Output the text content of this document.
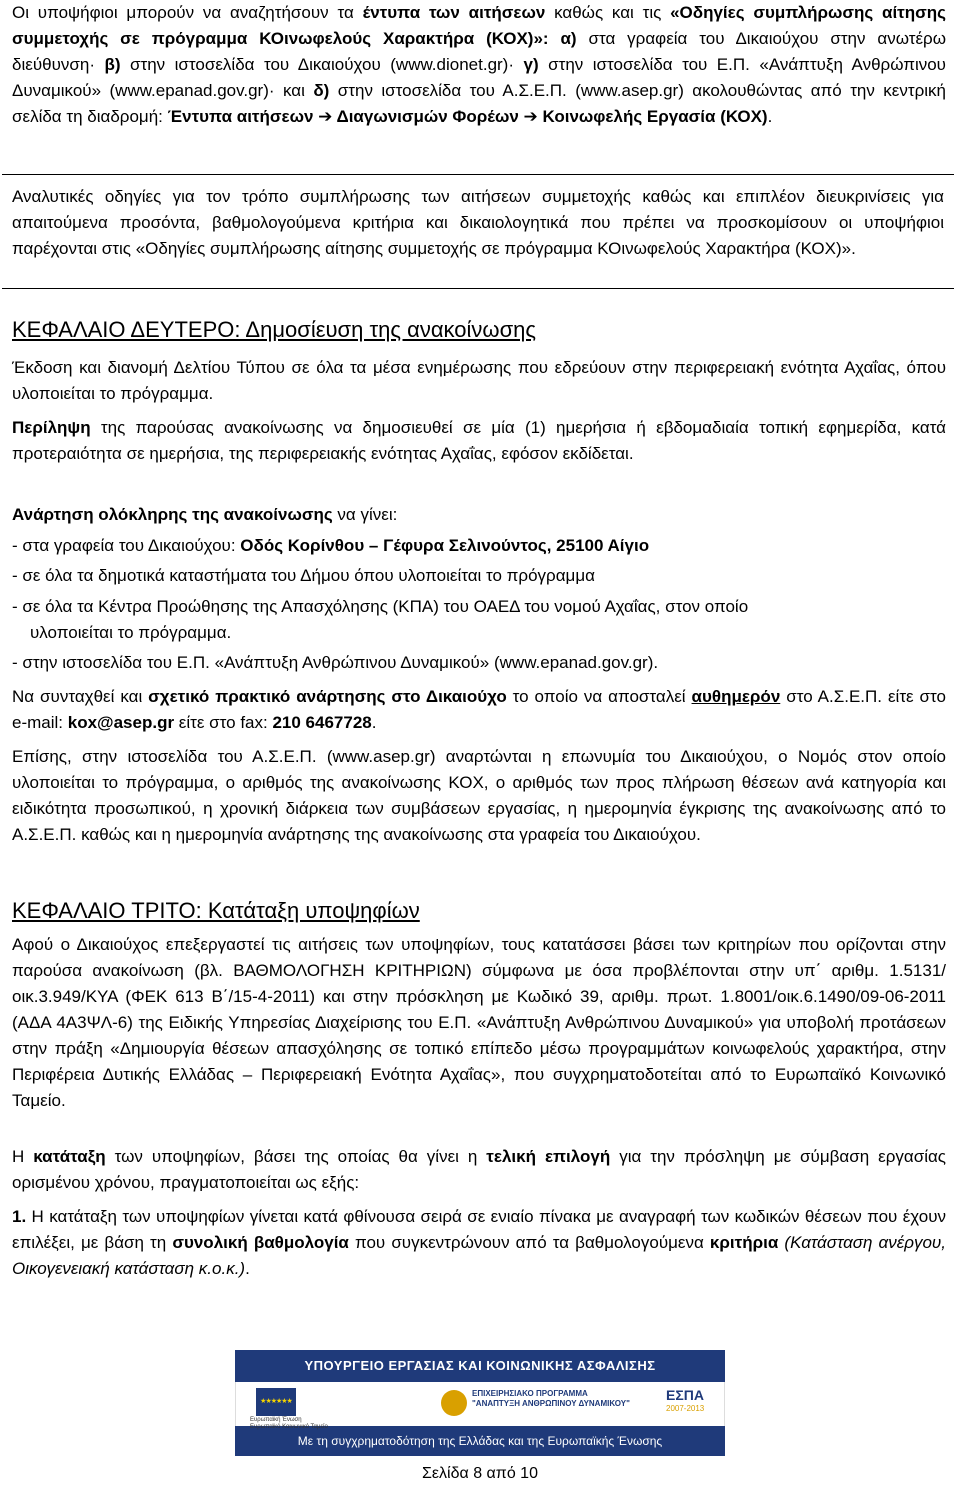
Οι υποψήφιοι μπορούν να αναζητήσουν τα έντυπα των αιτήσεων καθώς και τις «Οδηγίες συμπλήρωσης αίτησης συμμετοχής σε πρόγραμμα ΚΟινωφελούς Χαρακτήρα (ΚΟΧ)»: α) στα γραφεία του Δικαιούχου στην ανωτέρω διεύθυνση· β) στην ιστοσελίδα του Δικαιούχου (www.dionet.gr)· γ) στην ιστοσελίδα του Ε.Π. «Ανάπτυξη Ανθρώπινου Δυναμικού» (www.epanad.gov.gr)· και δ) στην ιστοσελίδα του Α.Σ.Ε.Π. (www.asep.gr) ακολουθώντας από την κεντρική σελίδα τη διαδρομή: Έντυπα αιτήσεων ➔ Διαγωνισμών Φορέων ➔ Κοινωφελής Εργασία (ΚΟΧ).

Αναλυτικές οδηγίες για τον τρόπο συμπλήρωσης των αιτήσεων συμμετοχής καθώς και επιπλέον διευκρινίσεις για απαιτούμενα προσόντα, βαθμολογούμενα κριτήρια και δικαιολογητικά που πρέπει να προσκομίσουν οι υποψήφιοι παρέχονται στις «Οδηγίες συμπλήρωσης αίτησης συμμετοχής σε πρόγραμμα ΚΟινωφελούς Χαρακτήρα (ΚΟΧ)».
ΚΕΦΑΛΑΙΟ ΔΕΥΤΕΡΟ: Δημοσίευση της ανακοίνωσης

Έκδοση και διανομή Δελτίου Τύπου σε όλα τα μέσα ενημέρωσης που εδρεύουν στην περιφερειακή ενότητα Αχαΐας, όπου υλοποιείται το πρόγραμμα.

Περίληψη της παρούσας ανακοίνωσης να δημοσιευθεί σε μία (1) ημερήσια ή εβδομαδιαία τοπική εφημερίδα, κατά προτεραιότητα σε ημερήσια, της περιφερειακής ενότητας Αχαΐας, εφόσον εκδίδεται.

Ανάρτηση ολόκληρης της ανακοίνωσης να γίνει:

- στα γραφεία του Δικαιούχου: Οδός Κορίνθου – Γέφυρα Σελινούντος, 25100 Αίγιο

- σε όλα τα δημοτικά καταστήματα του Δήμου όπου υλοποιείται το πρόγραμμα

- σε όλα τα Κέντρα Προώθησης της Απασχόλησης (ΚΠΑ) του ΟΑΕΔ του νομού Αχαΐας, στον οποίο
υλοποιείται το πρόγραμμα.

- στην ιστοσελίδα του Ε.Π. «Ανάπτυξη Ανθρώπινου Δυναμικού» (www.epanad.gov.gr).

Να συνταχθεί και σχετικό πρακτικό ανάρτησης στο Δικαιούχο το οποίο να αποσταλεί αυθημερόν στο Α.Σ.Ε.Π. είτε στο e-mail: kox@asep.gr είτε στο fax: 210 6467728.

Επίσης, στην ιστοσελίδα του Α.Σ.Ε.Π. (www.asep.gr) αναρτώνται η επωνυμία του Δικαιούχου, ο Νομός στον οποίο υλοποιείται το πρόγραμμα, ο αριθμός της ανακοίνωσης ΚΟΧ, ο αριθμός των προς πλήρωση θέσεων ανά κατηγορία και ειδικότητα προσωπικού, η χρονική διάρκεια των συμβάσεων εργασίας, η ημερομηνία έγκρισης της ανακοίνωσης από το Α.Σ.Ε.Π. καθώς και η ημερομηνία ανάρτησης της ανακοίνωσης στα γραφεία του Δικαιούχου.

ΚΕΦΑΛΑΙΟ ΤΡΙΤΟ: Κατάταξη υποψηφίων

Αφού ο Δικαιούχος επεξεργαστεί τις αιτήσεις των υποψηφίων, τους κατατάσσει βάσει των κριτηρίων που ορίζονται στην παρούσα ανακοίνωση (βλ. ΒΑΘΜΟΛΟΓΗΣΗ ΚΡΙΤΗΡΙΩΝ) σύμφωνα με όσα προβλέπονται στην υπ΄ αριθμ. 1.5131/οικ.3.949/ΚΥΑ (ΦΕΚ 613 Β΄/15-4-2011) και στην πρόσκληση με Κωδικό 39, αριθμ. πρωτ. 1.8001/οικ.6.1490/09-06-2011 (ΑΔΑ 4Α3ΨΛ-6) της Ειδικής Υπηρεσίας Διαχείρισης του Ε.Π. «Ανάπτυξη Ανθρώπινου Δυναμικού» για υποβολή προτάσεων στην πράξη «Δημιουργία θέσεων απασχόλησης σε τοπικό επίπεδο μέσω προγραμμάτων κοινωφελούς χαρακτήρα, στην Περιφέρεια Δυτικής Ελλάδας – Περιφερειακή Ενότητα Αχαΐας», που συγχρηματοδοτείται από το Ευρωπαϊκό Κοινωνικό Ταμείο.

Η κατάταξη των υποψηφίων, βάσει της οποίας θα γίνει η τελική επιλογή για την πρόσληψη με σύμβαση εργασίας ορισμένου χρόνου, πραγματοποιείται ως εξής:

1. Η κατάταξη των υποψηφίων γίνεται κατά φθίνουσα σειρά σε ενιαίο πίνακα με αναγραφή των κωδικών θέσεων που έχουν επιλέξει, με βάση τη συνολική βαθμολογία που συγκεντρώνουν από τα βαθμολογούμενα κριτήρια (Κατάσταση ανέργου, Οικογενειακή κατάσταση κ.ο.κ.).

ΥΠΟΥΡΓΕΙΟ ΕΡΓΑΣΙΑΣ ΚΑΙ ΚΟΙΝΩΝΙΚΗΣ ΑΣΦΑΛΙΣΗΣ
★★★★★★
Ευρωπαϊκή Ένωση
Ευρωπαϊκό Κοινωνικό Ταμείο
ΕΠΙΧΕΙΡΗΣΙΑΚΟ ΠΡΟΓΡΑΜΜΑ
"ΑΝΑΠΤΥΞΗ ΑΝΘΡΩΠΙΝΟΥ ΔΥΝΑΜΙΚΟΥ"
ΕΣΠΑ
2007-2013
Με τη συγχρηματοδότηση της Ελλάδας και της Ευρωπαϊκής Ένωσης
Σελίδα 8 από 10
